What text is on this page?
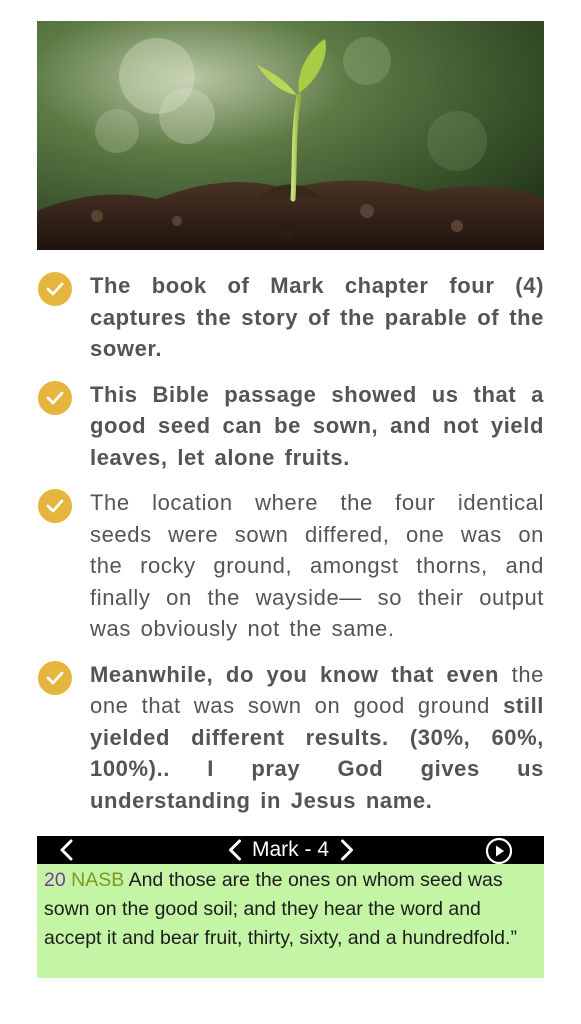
The book of Mark chapter four (4) captures the story of the parable of the sower.

This Bible passage showed us that a good seed can be sown, and not yield leaves, let alone fruits.

The location where the four identical seeds were sown differed, one was on the rocky ground, amongst thorns, and finally on the wayside— so their output was obviously not the same.

Meanwhile, do you know that even the one that was sown on good ground still yielded different results. (30%, 60%, 100%).. I pray God gives us understanding in Jesus name.

Mark - 4
20 NASB And those are the ones on whom seed was sown on the good soil; and they hear the word and accept it and bear fruit, thirty, sixty, and a hundredfold.”
